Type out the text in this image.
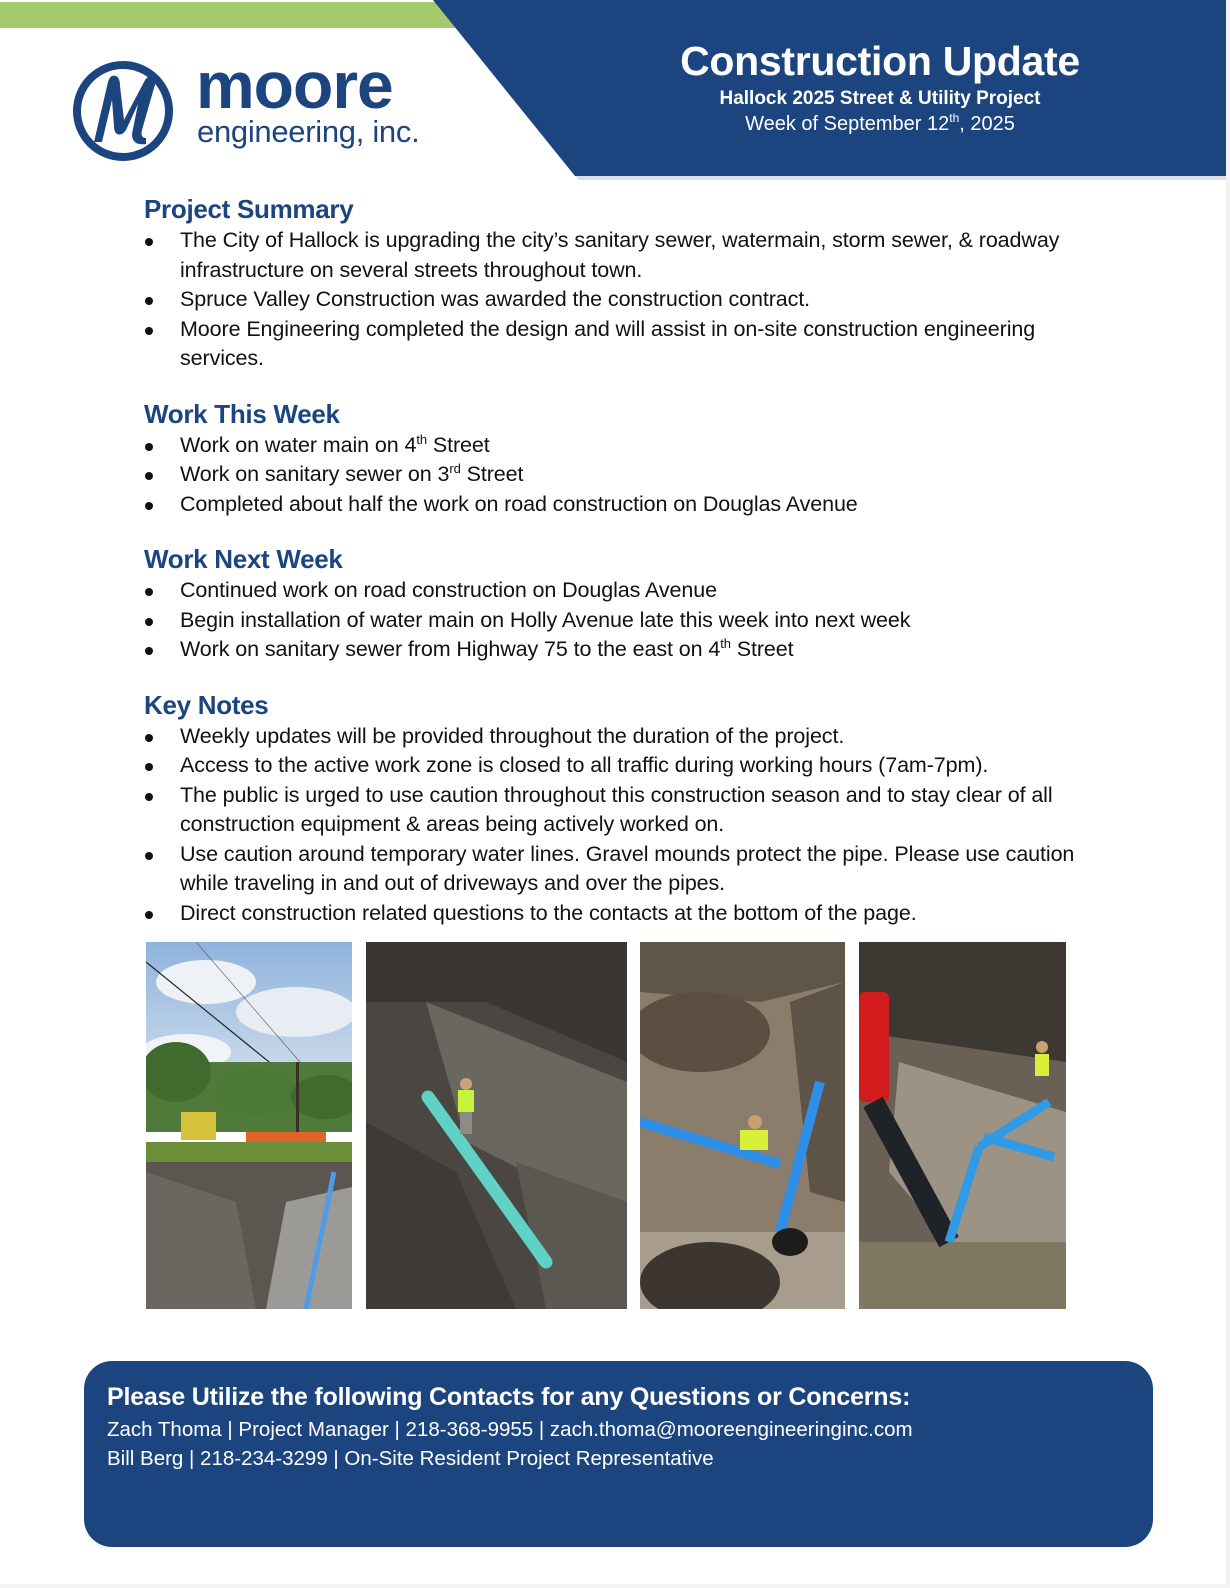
moore
engineering, inc.
Construction Update
Hallock 2025 Street & Utility Project
Week of September 12th, 2025
Project Summary
The City of Hallock is upgrading the city’s sanitary sewer, watermain, storm sewer, & roadway infrastructure on several streets throughout town.
Spruce Valley Construction was awarded the construction contract.
Moore Engineering completed the design and will assist in on-site construction engineering services.
Work This Week
Work on water main on 4th Street
Work on sanitary sewer on 3rd Street
Completed about half the work on road construction on Douglas Avenue
Work Next Week
Continued work on road construction on Douglas Avenue
Begin installation of water main on Holly Avenue late this week into next week
Work on sanitary sewer from Highway 75 to the east on 4th Street
Key Notes
Weekly updates will be provided throughout the duration of the project.
Access to the active work zone is closed to all traffic during working hours (7am-7pm).
The public is urged to use caution throughout this construction season and to stay clear of all construction equipment & areas being actively worked on.
Use caution around temporary water lines. Gravel mounds protect the pipe. Please use caution while traveling in and out of driveways and over the pipes.
Direct construction related questions to the contacts at the bottom of the page.
Please Utilize the following Contacts for any Questions or Concerns:
Zach Thoma | Project Manager | 218-368-9955 | zach.thoma@mooreengineeringinc.com
Bill Berg | 218-234-3299 | On-Site Resident Project Representative
